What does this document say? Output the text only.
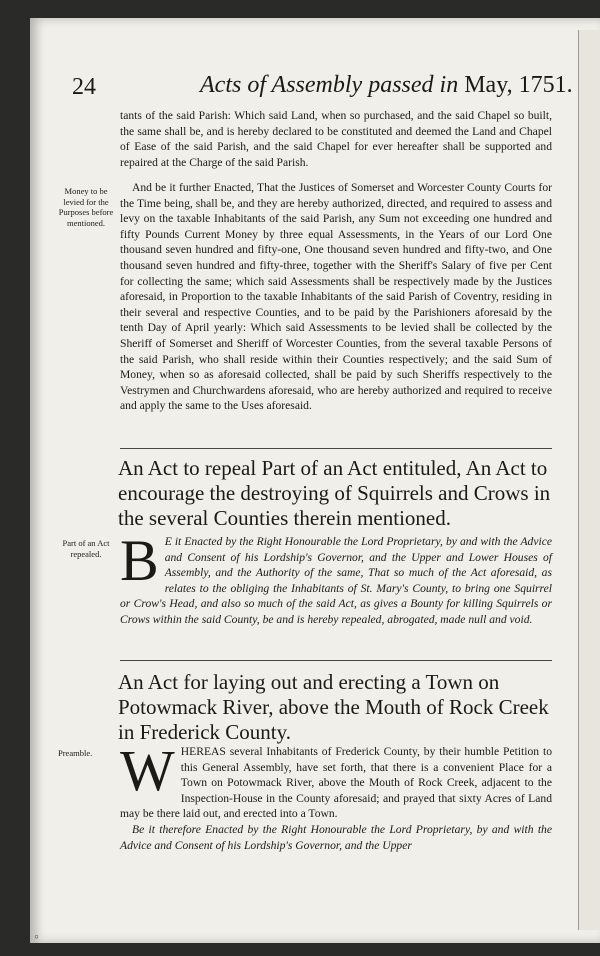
24	Acts of Assembly passed in May, 1751.

tants of the said Parish: Which said Land, when so purchased, and the said Chapel so built, the same shall be, and is hereby declared to be constituted and deemed the Land and Chapel of Ease of the said Parish, and the said Chapel for ever hereafter shall be supported and repaired at the Charge of the said Parish.

Money to be levied for the Purposes before mentioned.

And be it further Enacted, That the Justices of Somerset and Worcester County Courts for the Time being, shall be, and they are hereby authorized, directed, and required to assess and levy on the taxable Inhabitants of the said Parish, any Sum not exceeding one hundred and fifty Pounds Current Money by three equal Assessments, in the Years of our Lord One thousand seven hundred and fifty-one, One thousand seven hundred and fifty-two, and One thousand seven hundred and fifty-three, together with the Sheriff's Salary of five per Cent for collecting the same; which said Assessments shall be respectively made by the Justices aforesaid, in Proportion to the taxable Inhabitants of the said Parish of Coventry, residing in their several and respective Counties, and to be paid by the Parishioners aforesaid by the tenth Day of April yearly: Which said Assessments to be levied shall be collected by the Sheriff of Somerset and Sheriff of Worcester Counties, from the several taxable Persons of the said Parish, who shall reside within their Counties respectively; and the said Sum of Money, when so as aforesaid collected, shall be paid by such Sheriffs respectively to the Vestrymen and Churchwardens aforesaid, who are hereby authorized and required to receive and apply the same to the Uses aforesaid.

An Act to repeal Part of an Act entituled, An Act to encourage the destroying of Squirrels and Crows in the several Counties therein mentioned.
Part of an Act repealed. B E it Enacted by the Right Honourable the Lord Proprietary, by and with the Advice and Consent of his Lordship's Governor, and the Upper and Lower Houses of Assembly, and the Authority of the same, That so much of the Act aforesaid, as relates to the obliging the Inhabitants of St. Mary's County, to bring one Squirrel or Crow's Head, and also so much of the said Act, as gives a Bounty for killing Squirrels or Crows within the said County, be and is hereby repealed, abrogated, made null and void.
An Act for laying out and erecting a Town on Potowmack River, above the Mouth of Rock Creek in Frederick County.
Preamble. W HEREAS several Inhabitants of Frederick County, by their humble Petition to this General Assembly, have set forth, that there is a convenient Place for a Town on Potowmack River, above the Mouth of Rock Creek, adjacent to the Inspection-House in the County aforesaid; and prayed that sixty Acres of Land may be there laid out, and erected into a Town.

Be it therefore Enacted by the Right Honourable the Lord Proprietary, by and with the Advice and Consent of his Lordship's Governor, and the Upper

◦
